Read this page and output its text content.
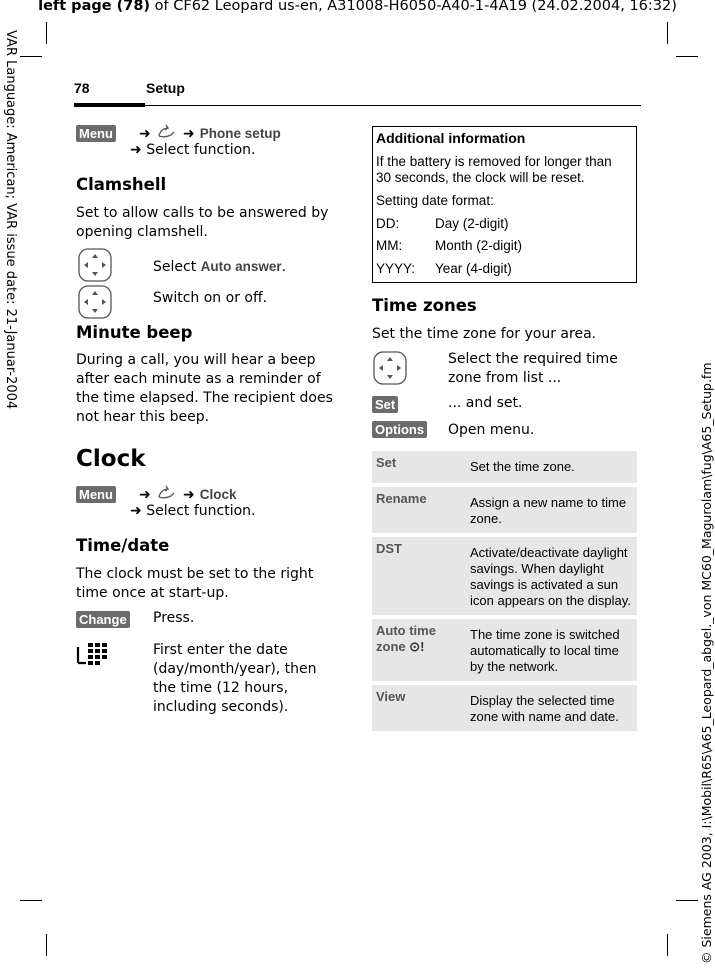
left page (78) of CF62 Leopard us-en, A31008-H6050-A40-1-4A19 (24.02.2004, 16:32)
VAR Language: American; VAR issue date: 21-Januar-2004
© Siemens AG 2003, I:\Mobil\R65\A65_Leopard_abgel._von MC60_Magurolam\fug\A65_Setup.fm
78	Setup
Menu ➜ ➜ Phone setup
➜ Select function.
Clamshell
Set to allow calls to be answered by
opening clamshell.
Select Auto answer.
Switch on or off.
Minute beep
During a call, you will hear a beep
after each minute as a reminder of
the time elapsed. The recipient does
not hear this beep.
Clock
Menu ➜ ➜ Clock
➜ Select function.
Time/date
The clock must be set to the right
time once at start-up.
Change Press.
First enter the date
(day/month/year), then
the time (12 hours,
including seconds).
Additional information
If the battery is removed for longer than
30 seconds, the clock will be reset.
Setting date format:
DD:	Day (2-digit)
MM: Month (2-digit)
YYYY: Year (4-digit)
Time zones
Set the time zone for your area.
Select the required time
zone from list ...
Set	... and set.
Options Open menu.
Set	Set the time zone.
Rename	Assign a new name to time zone.
DST	Activate/deactivate daylight savings. When daylight savings is activated a sun icon appears on the display.
Auto time zone ⊙!	The time zone is switched automatically to local time by the network.
View	Display the selected time zone with name and date.
